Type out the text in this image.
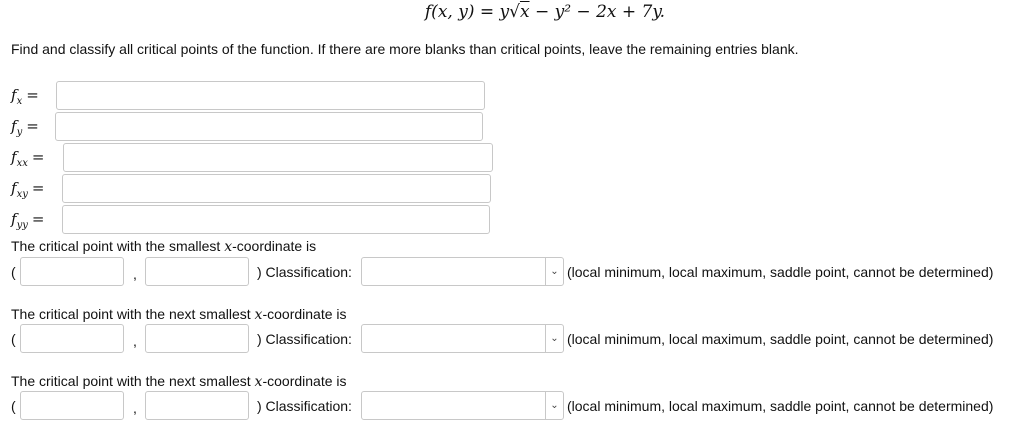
f(x, y) = y√x − y² − 2x + 7y.
Find and classify all critical points of the function. If there are more blanks than critical points, leave the remaining entries blank.
$f_x$ =
$f_y$ =
$f_{xx}$ =
$f_{xy}$ =
$f_{yy}$ =
The critical point with the smallest x-coordinate is
(	,	) Classification:	⌄ (local minimum, local maximum, saddle point, cannot be determined)
The critical point with the next smallest x-coordinate is
(	,	) Classification:	⌄ (local minimum, local maximum, saddle point, cannot be determined)
The critical point with the next smallest x-coordinate is
(	,	) Classification:	⌄ (local minimum, local maximum, saddle point, cannot be determined)
